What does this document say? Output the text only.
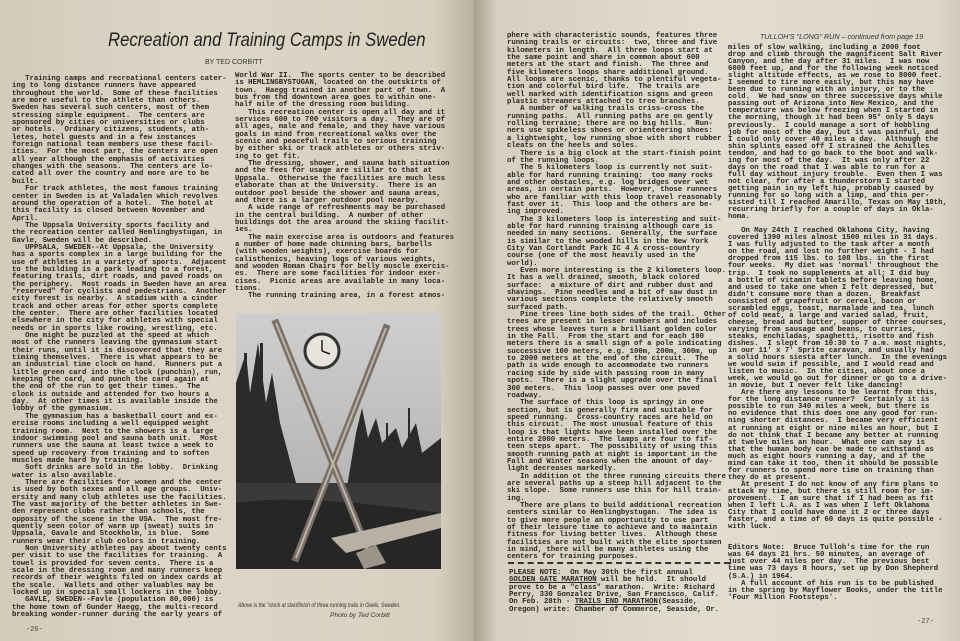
Recreation and Training Camps in Sweden
BY TED CORBITT
Training camps and recreational centers cater-
ing to long distance runners have appeared
throughout the world.  Some of these facilities
are more useful to the athlete than others.
Sweden has several such centers, most of them
stressing simple equipment.  The centers are
sponsored by cities or universities or clubs
or hotels.  Ordinary citizens, students, ath-
letes, hotel guests and in a few instances
foreign national team members use these facil-
ities.  For the most part, the centers are open
all year although the emphasis of activities
changes with the seasons.  The centers are lo-
cated all over the country and more are to be
built.
For track athletes, the most famous training
center in Sweden is at Valadalen which revolves
around the operation of a hotel.  The hotel at
this facility is closed between November and
April.
The Uppsala University sports facility and
the recreation center called Hemlingbystugan, in
Gavle, Sweden will be described.
UPPSALA, SWEDEN--At Uppsala, the University
has a sports complex in a large building for the
use of athletes in a variety of sports.  Adjacent
to the building is a park leading to a forest,
featuring trails, dirt roads, and paved roads on
the periphery.  Most roads in Sweden have an area
"reserved" for cyclists and pedestrians.  Another
city forest is nearby.  A stadium with a cinder
track and other areas for other sports complete
the center.  There are other facilities located
elsewhere in the city for athletes with special
needs or in sports like rowing, wrestling, etc.
One might be puzzled at the speed at which
most of the runners leaving the gymnasium start
their runs, until it is discovered that they are
timing themselves.  There is what appears to be
an industrial time clock on hand.  Runners put a
little green card into the clock (punchin), run,
keeping the card, and punch the card again at
the end of the run to get their times.  The
clock is outside and attended for two hours a
day.  At other times it is available inside the
lobby of the gymnasium.
The gymnasium has a basketball court and ex-
ercise rooms including a well equipped weight
training room.  Next to the showers is a large
indoor swimming pool and sauna bath unit.  Most
runners use the sauna at least twice a week to
speed up recovery from training and to soften
muscles made hard by training.
Soft drinks are sold in the lobby.  Drinking
water is also available.
There are facilities for women and the center
is used by both sexes and all age groups.  Univ-
ersity and many club athletes use the facilities.
The vast majority of the better athletes in Swe-
den represent clubs rather than schools, the
opposity of the scene in the USA.  The most fre-
quently seen color of warm up (sweat) suits in
Uppsala, Gavale and Stockholm, is blue.  Some
runners wear their club colors in training.
Non University athletes pay about twenty cents
per visit to use the facilities for training.  A
towel is provided for seven cents.  There is a
scale in the dressing room and many runners keep
records of their weights filed on index cards at
the scale.  Wallets and other valuables may be
locked up in special small lockers in the lobby.
GAVLE, SWEDEN--Favle (population 80,000) is
the home town of Gunder Haegg, the multi-record
breaking wonder-runner during the early years of
World War II.  The sports center to be described
is HEMLINGBYSTUGAN, located on the outskirts of
town.  Haegg trained in another part of town.  A
bus from thd downtown area goes to within one-
half mile of the dressing room building.
This recreation center is open all day and it
services 600 to 700 visitors a day.  They are of
all ages, male and female, and they have various
goals in mind from recreational walks over the
scenic and peaceful trails to serious training
by either ski or track athletes or others striv-
ing to get fit.
The dressing, shower, and sauna bath situation
and the fees for usage are sililar to that at
Uppsala.  Otherwise the facilities are much less
elaborate than at the University.  There is an
outdoor pool beside the shower and sauna areas,
and there is a larger outdoor pool nearby.
A wide range of refreshments may be purchased
in the central building.  A number of other
buildings dot the area around the skiing facilit-
ies.
The main exercise area is outdoors and features
a number of home made chinning bars, barbells
(with wooden weights), exercise boards for
calisthenics, heaving logs of various weights,
and wooden Roman Chairs for belly muscle exercis-
es.  There are some facilities for indoor exer-
cises.  Picnic areas are available in many loca-
tions.
The running training area, in a forest atmos-
Above is the "clock at start/finish of three running trails in Gavle, Sweden.
Photo by Ted Corbitt
-26-
phere with characteristic sounds, features three
running trails or circuits:  two, three and five
kilometers in length.  All three loops start at
the same point and share in common about 600
meters at the start and finish.  The three and
five kilometers loops share additional ground.
All loops are scenic, thanks to plentiful vegeta-
tion and colorful bird life.  The trails are
well marked with identification signs and green
plastic streamers attached to tree branches.
A number of walking trails criss-cross the
running paths.  All running paths are on gently
rolling terraine; there are no big hills.  Run-
ners use spikeless shoes or orienteering shoes:
a lightweight, low running shoe with short rubber
cleats on the heels and soles.
There is a big clock at the start-finish point
of the running loops.
The 5 kilometers loop is currently not suit-
able for hard running training:  too many rocks
and other obstacles, e.g. log bridges over wet
areas, in certain parts.  However, those runners
who are familiar with this loop travel reasonably
fast over it.  This loop and the others are be-
ing improved.
The 3 kilometers loop is interesting and suit-
able for hard running training although care is
needed in many sections.  Generally, the surface
is similar to the wooded hills in the New York
City Van Cortlandt Park IC 4 A cross-country
course (one of the most heavily used in the
world).
Even more interesting is the 2 kilometers loop.
It has a well drained, smooth, black colored
surface:  a mixture of dirt and rubber dust and
shavings.  Pine needles and a bit of saw dust in
various sections complete the relatively smooth
surfaced path.
Pine trees line both sides of the trail.  Other
trees are present in lesser numbers and includes
trees whose leaves turn a brilliant golden color
in the Fall.  From the start and for each 100
meters there is a small sign of a pole indicating
successive 100 meters, e.g. 100m, 200m, 300m, up
to 2000 meters at the end of the circuit.  The
path is wide enough to accommodate two runners
racing side by side with passing room in many
spots.  There is a slight upgrade over the final
300 meters.  This loop passes over one paved
roadway.
The surface of this loop is springy in one
section, but is generally firm and suitable for
speed running.  Cross-country races are held on
this circuit.  The most unusual feature of this
loop is that lights have been installed over the
entire 2000 meters.  The lamps are four to fif-
teen steps apart.  The possibility of using this
smooth running path at night is important in the
Fall and Winter seasons when the amount of day-
light decreases markedly.
In addition ot the three running circuits there
are several paths up a steep hill adjacent to the
ski slope.  Some runners use this for hill train-
ing.
There are plans to build additional recreation
centers similar to Hemlingbystugan.  The idea is
to give more people an opportunity to use part
of their leisure time to achieve and to maintain
fitness for living better lives.  Although these
facilities are not built with the elite sportsmen
in mind, there will be many athletes using the
centers for training purposes.
PLEASE NOTE:  On May 30th the first annual
GOLDEN GATE MARATHON will be held.  It should
prove to be a "class" marathon.  Write: Richard
Perry, 330 Gonzalez Drive, San Francisco, Calif.
On Feb. 28th - TRAILS END MARATHON(Seaside,
Oregon) write: Chamber of Commerce, Seaside, Or.
TULLOH'S "LONG" RUN – continued from page 19
miles of slow walking, including a 2000 foot
drop and climb through the magnificent Salt River
Canyon, and the day after 31 miles.  I was now
6000 feet up, and for the following week noticed
slight altitude effects, as we rose to 8000 feet.
I seemed to tire more easily, but this may have
been due to running with an injury, or to the
cold.  We had snow on three successive days while
passing out of Arizona into New Mexico, and the
temperature was below freezing when I started in
the morning, though it had been 95° only 5 days
previously.  I could manage a sort of hobbling
job for most of the day, but it was painful, and
I could only cover 40 miles a day.  Although the
shin splints eased off I strained the Achilles
tendon, and had to go back to the boot and walk-
ing for most of the day.  It was only after 22
days on the road that I was able to run for a
full day without injury trouble.  Even then I was
not clear, for after a thunderstorm I started
getting pain in my left hip, probably caused by
running for so long with a limp, and this per-
sisted till I reached Amarillo, Texas on May 18th,
recurring briefly for a couple of days in Okla-
homa.
On May 24th I reached Oklahoma City, having
covered 1390 miles almost 1500 miles in 31 days.
I was fully adjusted to the task after a month
on the road, and lost no further weight - I had
dropped from 115 lbs. to 108 lbs. in the first
four weeks.  My diet was 'normal' throughout the
trip.  I took no supplements at all; I did buy
a bottle of vitamin tablets before leaving home,
and used to take one when I felt depressed, but
didn't consume more than a dozen.  Breakfast
consisted of grapefruit or cereal, bacon or
scrambled eggs, toast, marmalade and tea, lunch
of cold meat, a large and varied salad, fruit,
cheese, bread and butter, supper of three courses,
varying from sausage and beans, to curries,
steaks, enchiladas, spaghetti, risotto and fish
dishes.  I slept from 10:30 to 7 a.m. most nights,
in our 11' x 7' Sprite caravan, and usually had
a solid hours siesta after lunch.  In the evenings
we would swim if possible, and I would read and
listen to music.  In the cities, about once a
week, we would go out for dinner or go to a drive-
in movie, but I never felt like dancing!
Are there any lessons to be learnt from this,
for the long distance runner?  Certainly it is
possible to run 340 miles a week, but there is
no evidence that this does one any good for run-
ning shorter distances.  I became very efficient
at running at eight or nine miles an hour, but I
do not think that I became any better at running
at twelve miles an hour.  What one can say is
that the human body can be made to withstand as
much as eight hours running a day, and if the
mind can take it too, then it should be possible
for runners to spend more time on training than
they do at present.
At present I do not know of any firm plans to
attack my time, but there is still room for im-
provement.  I am sure that if I had been as fit
when I left L.A. as I was when I left Oklahoma
City that I could have done it 2 or three days
faster, and a time of 60 days is quite possible -
with luck.
Editors Note:  Bruce Tulloh's time for the run
was 64 days 21 hrs. 50 minutes, an average of
just over 44 miles per day.  The previous best
time was 73 days 8 hours, set up by Don Shepherd
(S.A.) in 1964.
A full account of his run is to be published
in the spring by Mayflower Books, under the title
'Four Million Footsteps'.
-27-
